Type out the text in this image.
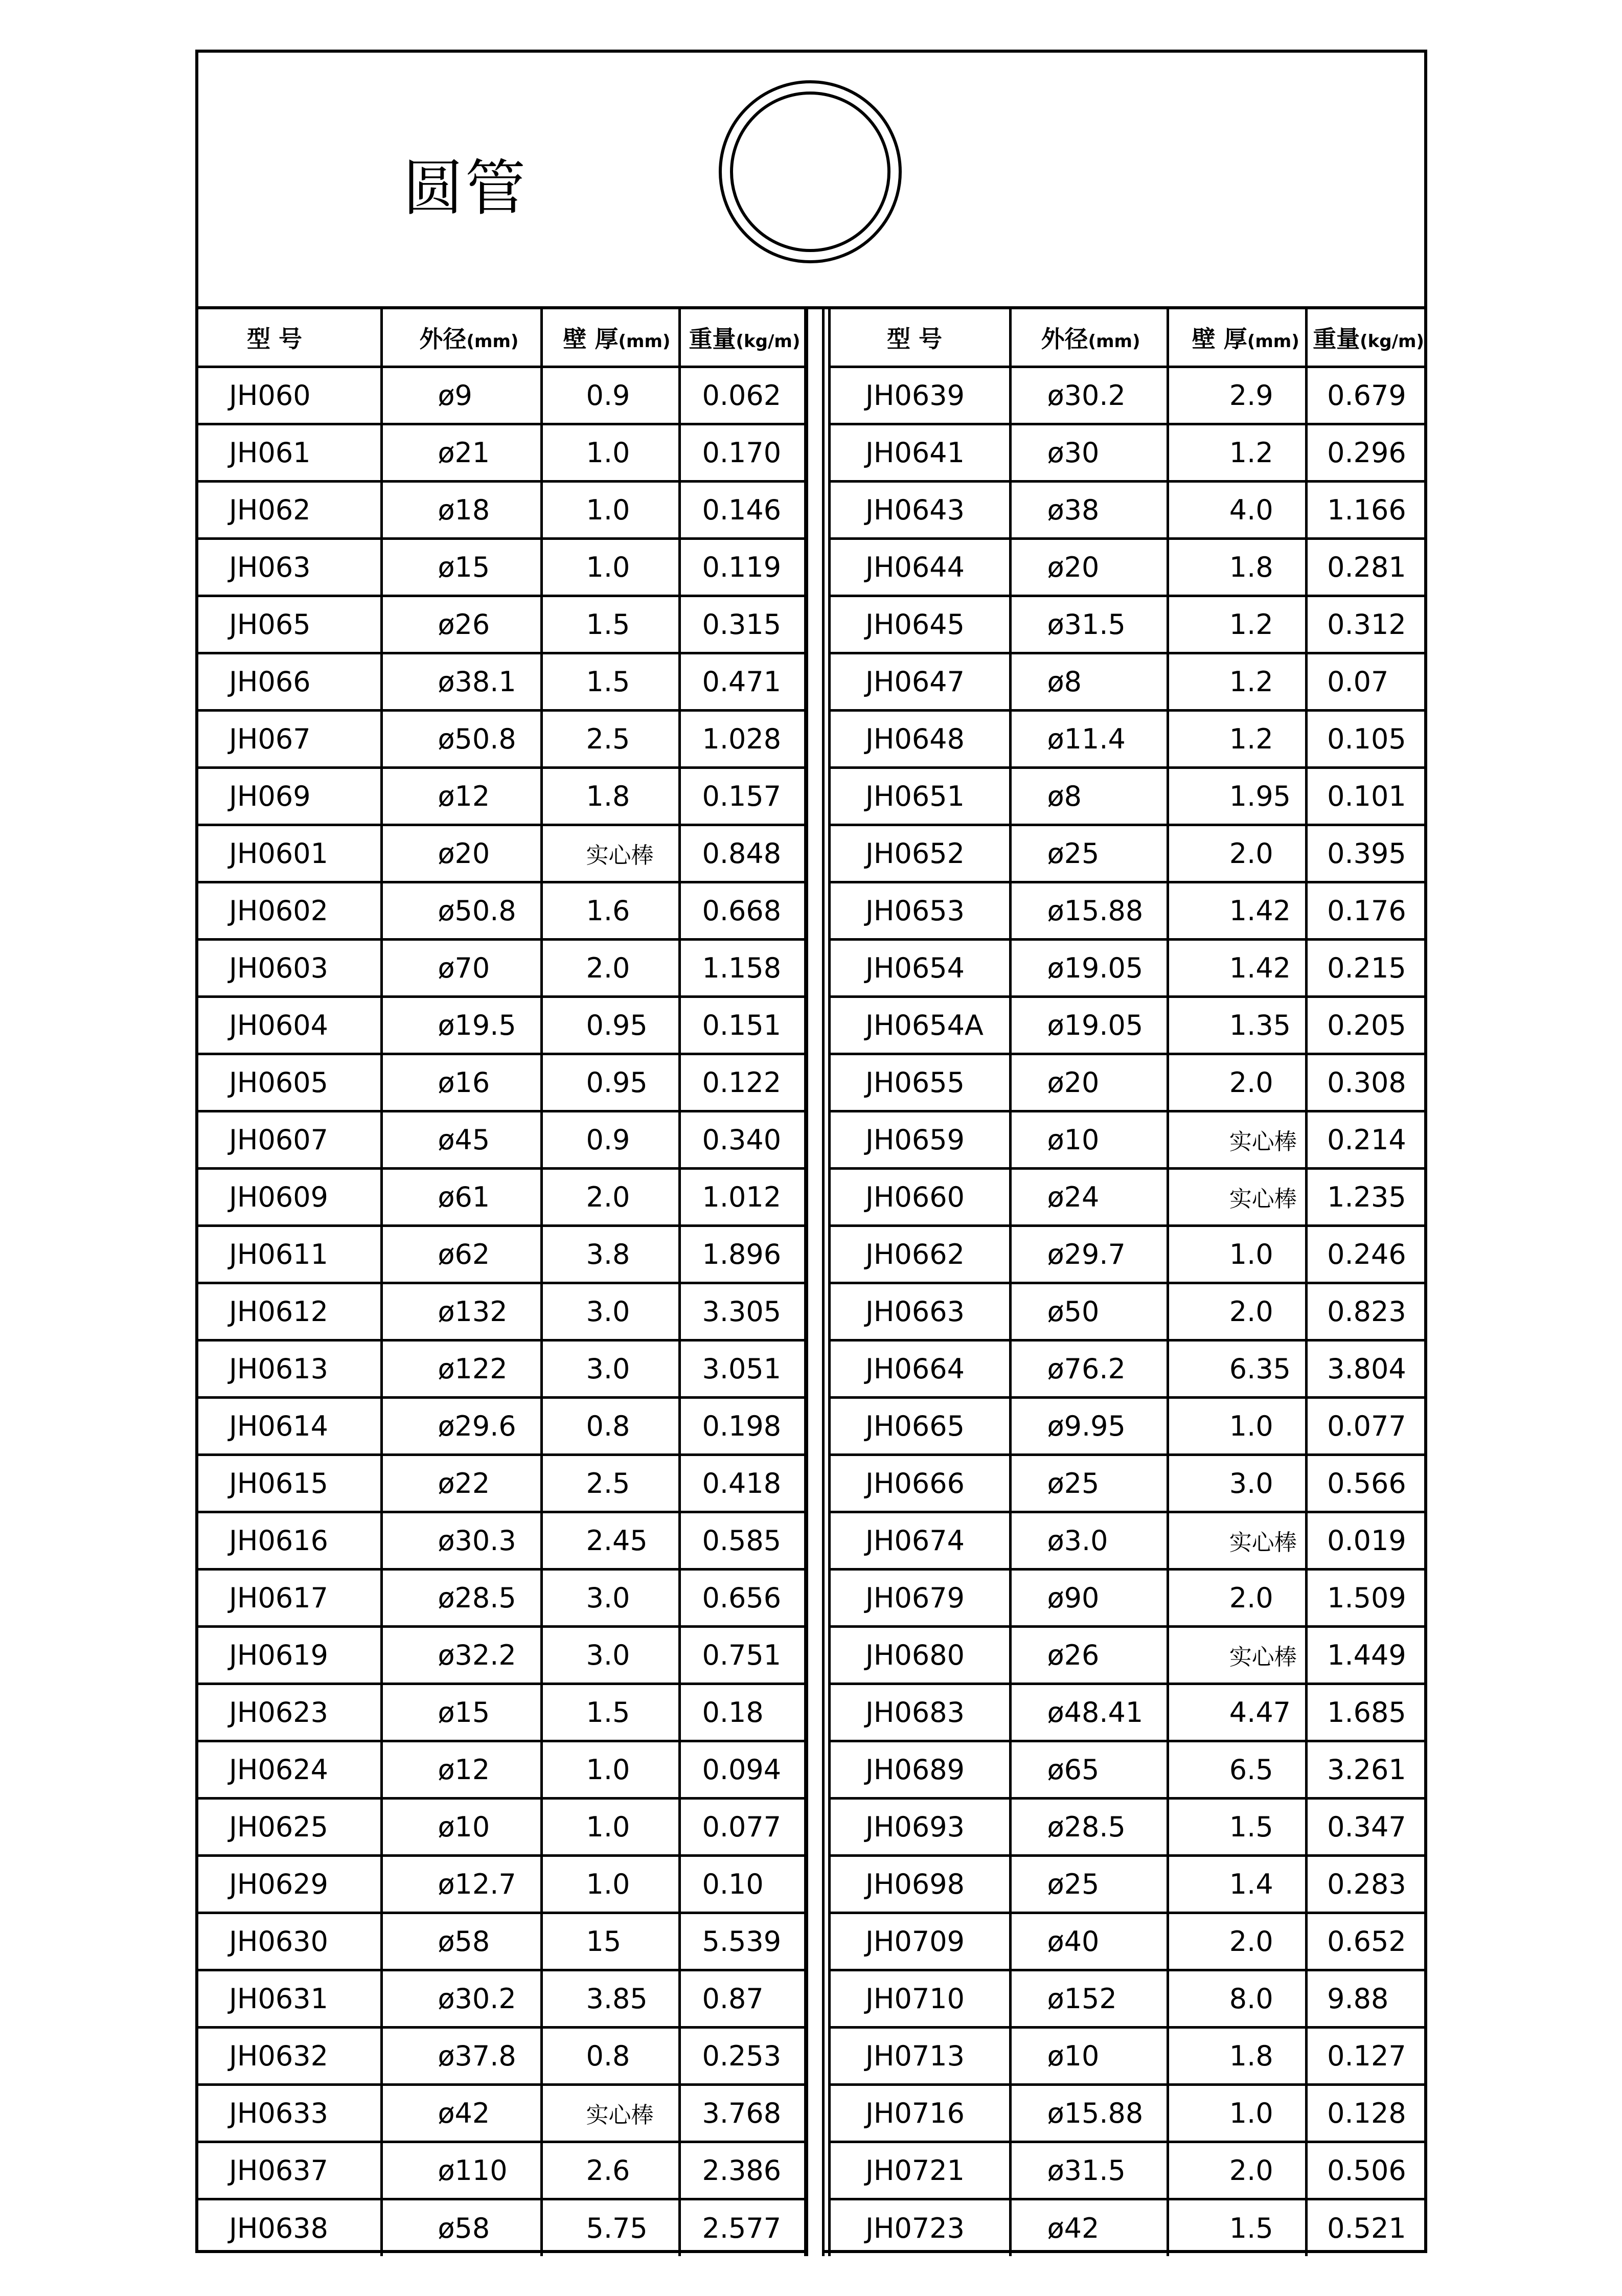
圆管
型 号	外径(mm)	壁 厚(mm)	重量(kg/m)
JH060	ø9	0.9	0.062
JH061	ø21	1.0	0.170
JH062	ø18	1.0	0.146
JH063	ø15	1.0	0.119
JH065	ø26	1.5	0.315
JH066	ø38.1	1.5	0.471
JH067	ø50.8	2.5	1.028
JH069	ø12	1.8	0.157
JH0601	ø20	实心棒	0.848
JH0602	ø50.8	1.6	0.668
JH0603	ø70	2.0	1.158
JH0604	ø19.5	0.95	0.151
JH0605	ø16	0.95	0.122
JH0607	ø45	0.9	0.340
JH0609	ø61	2.0	1.012
JH0611	ø62	3.8	1.896
JH0612	ø132	3.0	3.305
JH0613	ø122	3.0	3.051
JH0614	ø29.6	0.8	0.198
JH0615	ø22	2.5	0.418
JH0616	ø30.3	2.45	0.585
JH0617	ø28.5	3.0	0.656
JH0619	ø32.2	3.0	0.751
JH0623	ø15	1.5	0.18
JH0624	ø12	1.0	0.094
JH0625	ø10	1.0	0.077
JH0629	ø12.7	1.0	0.10
JH0630	ø58	15	5.539
JH0631	ø30.2	3.85	0.87
JH0632	ø37.8	0.8	0.253
JH0633	ø42	实心棒	3.768
JH0637	ø110	2.6	2.386
JH0638	ø58	5.75	2.577
型 号	外径(mm)	壁 厚(mm)	重量(kg/m)
JH0639	ø30.2	2.9	0.679
JH0641	ø30	1.2	0.296
JH0643	ø38	4.0	1.166
JH0644	ø20	1.8	0.281
JH0645	ø31.5	1.2	0.312
JH0647	ø8	1.2	0.07
JH0648	ø11.4	1.2	0.105
JH0651	ø8	1.95	0.101
JH0652	ø25	2.0	0.395
JH0653	ø15.88	1.42	0.176
JH0654	ø19.05	1.42	0.215
JH0654A	ø19.05	1.35	0.205
JH0655	ø20	2.0	0.308
JH0659	ø10	实心棒	0.214
JH0660	ø24	实心棒	1.235
JH0662	ø29.7	1.0	0.246
JH0663	ø50	2.0	0.823
JH0664	ø76.2	6.35	3.804
JH0665	ø9.95	1.0	0.077
JH0666	ø25	3.0	0.566
JH0674	ø3.0	实心棒	0.019
JH0679	ø90	2.0	1.509
JH0680	ø26	实心棒	1.449
JH0683	ø48.41	4.47	1.685
JH0689	ø65	6.5	3.261
JH0693	ø28.5	1.5	0.347
JH0698	ø25	1.4	0.283
JH0709	ø40	2.0	0.652
JH0710	ø152	8.0	9.88
JH0713	ø10	1.8	0.127
JH0716	ø15.88	1.0	0.128
JH0721	ø31.5	2.0	0.506
JH0723	ø42	1.5	0.521
